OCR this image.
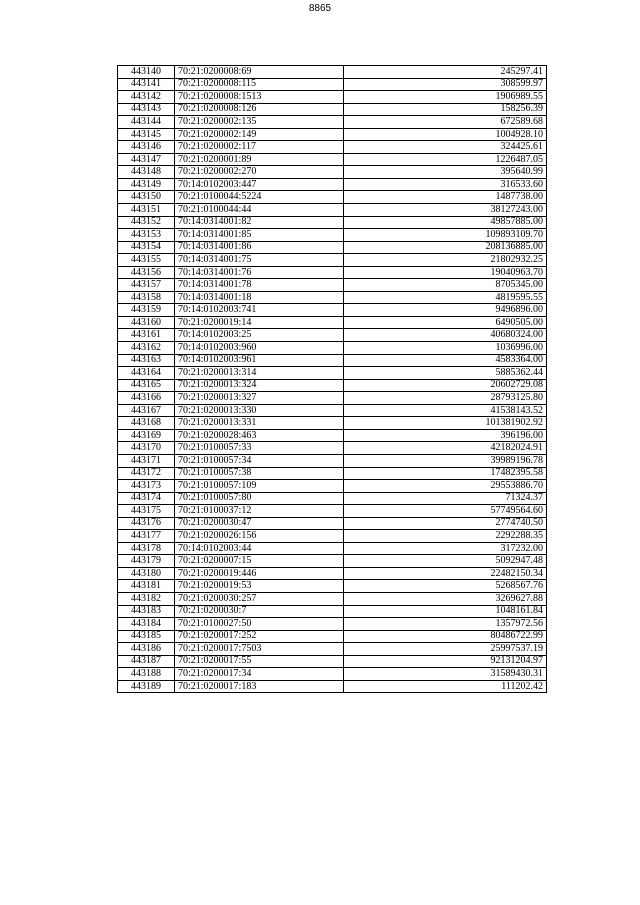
8865
443140	70:21:0200008:69	245297.41
443141	70:21:0200008:115	308599.97
443142	70:21:0200008:1513	1906989.55
443143	70:21:0200008:126	158256.39
443144	70:21:0200002:135	672589.68
443145	70:21:0200002:149	1004928.10
443146	70:21:0200002:117	324425.61
443147	70:21:0200001:89	1226487.05
443148	70:21:0200002:270	395640.99
443149	70:14:0102003:447	316533.60
443150	70:21:0100044:5224	1487738.00
443151	70:21:0100044:44	38127243.00
443152	70:14:0314001:82	49857885.00
443153	70:14:0314001:85	109893109.70
443154	70:14:0314001:86	208136885.00
443155	70:14:0314001:75	21802932.25
443156	70:14:0314001:76	19040963.70
443157	70:14:0314001:78	8705345.00
443158	70:14:0314001:18	4819595.55
443159	70:14:0102003:741	9496896.00
443160	70:21:0200019:14	6490505.00
443161	70:14:0102003:25	40680324.00
443162	70:14:0102003:960	1036996.00
443163	70:14:0102003:961	4583364.00
443164	70:21:0200013:314	5885362.44
443165	70:21:0200013:324	20602729.08
443166	70:21:0200013:327	28793125.80
443167	70:21:0200013:330	41538143.52
443168	70:21:0200013:331	101381902.92
443169	70:21:0200028:463	396196.00
443170	70:21:0100057:33	42182024.91
443171	70:21:0100057:34	39989196.78
443172	70:21:0100057:38	17482395.58
443173	70:21:0100057:109	29553886.70
443174	70:21:0100057:80	71324.37
443175	70:21:0100037:12	57749564.60
443176	70:21:0200030:47	2774740.50
443177	70:21:0200026:156	2292288.35
443178	70:14:0102003:44	317232.00
443179	70:21:0200007:15	5092947.48
443180	70:21:0200019:446	22482150.34
443181	70:21:0200019:53	5268567.76
443182	70:21:0200030:257	3269627.88
443183	70:21:0200030:7	1048161.84
443184	70:21:0100027:50	1357972.56
443185	70:21:0200017:252	80486722.99
443186	70:21:0200017:7503	25997537.19
443187	70:21:0200017:55	92131204.97
443188	70:21:0200017:34	31589430.31
443189	70:21:0200017:183	111202.42
